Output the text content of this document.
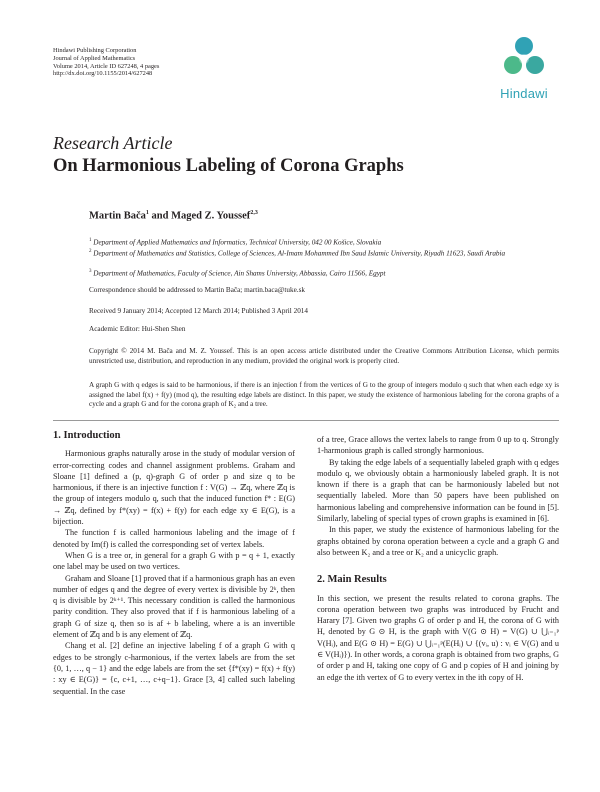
Hindawi Publishing Corporation
Journal of Applied Mathematics
Volume 2014, Article ID 627248, 4 pages
http://dx.doi.org/10.1155/2014/627248
Hindawi
Research Article
On Harmonious Labeling of Corona Graphs
Martin Bača$^1$ and Maged Z. Youssef$^{2,3}$
$^1$ Department of Applied Mathematics and Informatics, Technical University, 042 00 Košice, Slovakia
$^2$ Department of Mathematics and Statistics, College of Sciences, Al-Imam Mohammed Ibn Saud Islamic University, Riyadh 11623, Saudi Arabia
$^3$ Department of Mathematics, Faculty of Science, Ain Shams University, Abbassia, Cairo 11566, Egypt
Correspondence should be addressed to Martin Bača; martin.baca@tuke.sk
Received 9 January 2014; Accepted 12 March 2014; Published 3 April 2014
Academic Editor: Hui-Shen Shen
Copyright © 2014 M. Bača and M. Z. Youssef. This is an open access article distributed under the Creative Commons Attribution License, which permits unrestricted use, distribution, and reproduction in any medium, provided the original work is properly cited.
A graph G with q edges is said to be harmonious, if there is an injection f from the vertices of G to the group of integers modulo q such that when each edge xy is assigned the label f(x) + f(y) (mod q), the resulting edge labels are distinct. In this paper, we study the existence of harmonious labeling for the corona graphs of a cycle and a graph G and for the corona graph of K₂ and a tree.
1. Introduction

Harmonious graphs naturally arose in the study of modular version of error-correcting codes and channel assignment problems. Graham and Sloane [1] defined a (p, q)-graph G of order p and size q to be harmonious, if there is an injective function f : V(G) → ℤq, where ℤq is the group of integers modulo q, such that the induced function f* : E(G) → ℤq, defined by f*(xy) = f(x) + f(y) for each edge xy ∈ E(G), is a bijection.

The function f is called harmonious labeling and the image of f denoted by Im(f) is called the corresponding set of vertex labels.

When G is a tree or, in general for a graph G with p = q + 1, exactly one label may be used on two vertices.

Graham and Sloane [1] proved that if a harmonious graph has an even number of edges q and the degree of every vertex is divisible by 2ᵏ, then q is divisible by 2ᵏ⁺¹. This necessary condition is called the harmonious parity condition. They also proved that if f is harmonious labeling of a graph G of size q, then so is af + b labeling, where a is an invertible element of ℤq and b is any element of ℤq.

Chang et al. [2] define an injective labeling f of a graph G with q edges to be strongly c-harmonious, if the vertex labels are from the set {0, 1, …, q − 1} and the edge labels are from the set {f*(xy) = f(x) + f(y) : xy ∈ E(G)} = {c, c+1, …, c+q−1}. Grace [3, 4] called such labeling sequential. In the case

of a tree, Grace allows the vertex labels to range from 0 up to q. Strongly 1-harmonious graph is called strongly harmonious.

By taking the edge labels of a sequentially labeled graph with q edges modulo q, we obviously obtain a harmoniously labeled graph. It is not known if there is a graph that can be harmoniously labeled but not sequentially labeled. More than 50 papers have been published on harmonious labeling and comprehensive information can be found in [5]. Similarly, labeling of special types of crown graphs is examined in [6].

In this paper, we study the existence of harmonious labeling for the graphs obtained by corona operation between a cycle and a graph G and also between K₂ and a tree or K₂ and a unicyclic graph.

2. Main Results

In this section, we present the results related to corona graphs. The corona operation between two graphs was introduced by Frucht and Harary [7]. Given two graphs G of order p and H, the corona of G with H, denoted by G ⊙ H, is the graph with V(G ⊙ H) = V(G) ∪ ⋃ᵢ₌₁ᵖ V(Hᵢ), and E(G ⊙ H) = E(G) ∪ ⋃ᵢ₌₁ᵖ(E(Hᵢ) ∪ {(vᵢ, u) : vᵢ ∈ V(G) and u ∈ V(Hᵢ)}). In other words, a corona graph is obtained from two graphs, G of order p and H, taking one copy of G and p copies of H and joining by an edge the ith vertex of G to every vertex in the ith copy of H.
